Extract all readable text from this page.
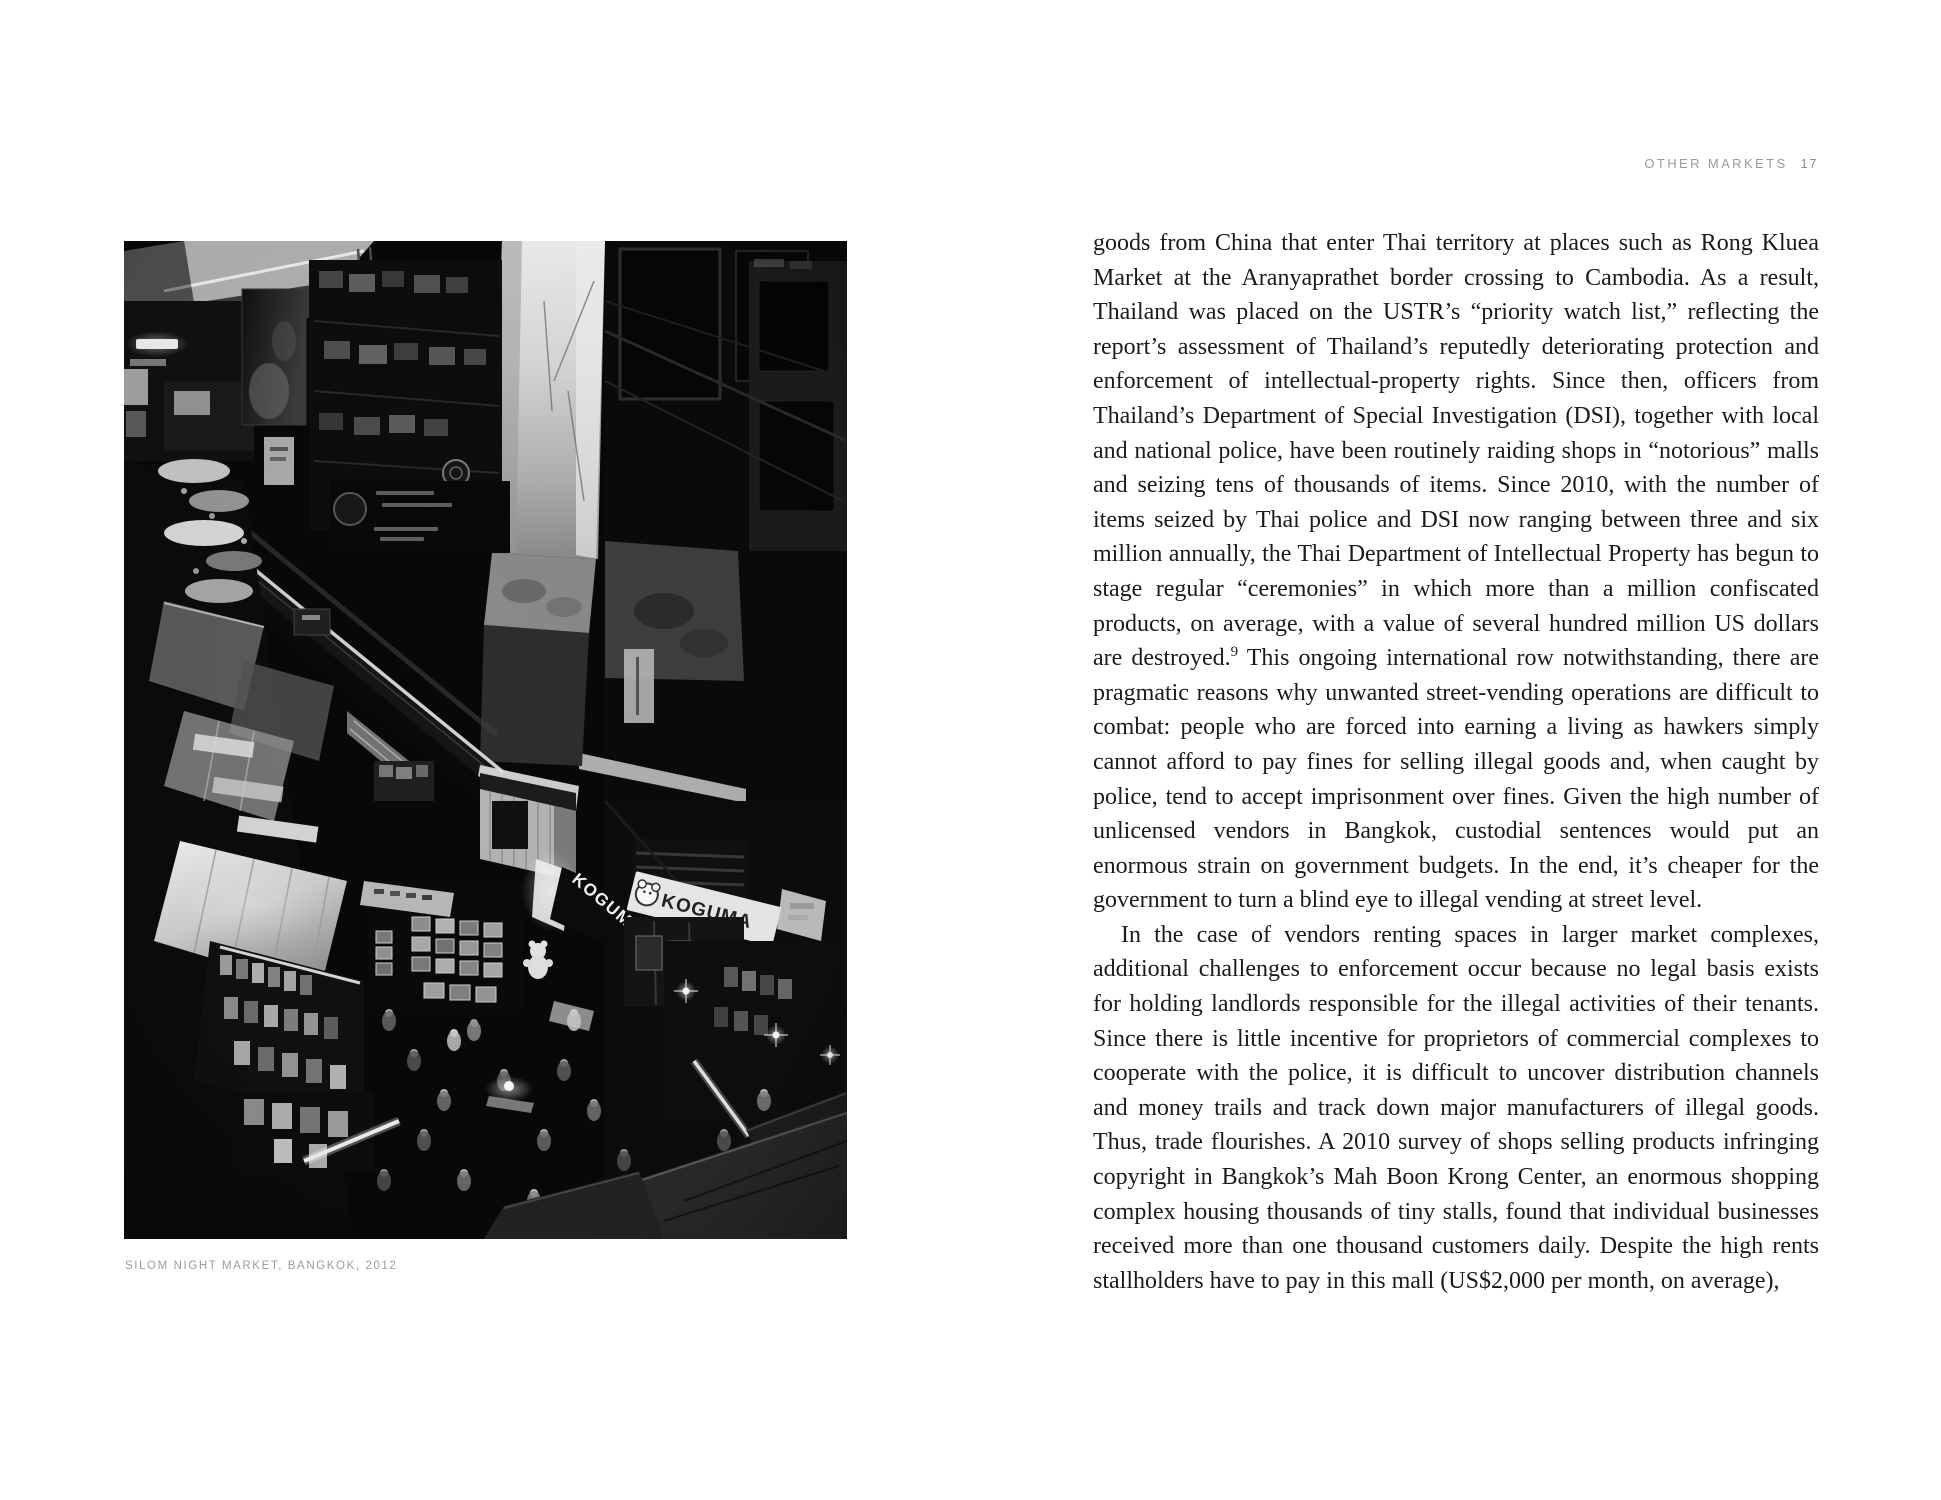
OTHER MARKETS 17
SILOM NIGHT MARKET, BANGKOK, 2012

goods from China that enter Thai territory at places such as Rong Kluea Market at the Aranyaprathet border crossing to Cambodia. As a result, Thailand was placed on the USTR’s “priority watch list,” reflecting the report’s assessment of Thailand’s reputedly deteriorating protection and enforcement of intellectual-property rights. Since then, officers from Thailand’s Department of Special Investigation (DSI), together with local and national police, have been routinely raiding shops in “notorious” malls and seizing tens of thousands of items. Since 2010, with the number of items seized by Thai police and DSI now ranging between three and six million annually, the Thai Department of Intellectual Property has begun to stage regular “ceremonies” in which more than a million confiscated products, on average, with a value of several hundred million US dollars are destroyed.$^9$ This ongoing international row notwithstanding, there are pragmatic reasons why unwanted street-vending operations are difficult to combat: people who are forced into earning a living as hawkers simply cannot afford to pay fines for selling illegal goods and, when caught by police, tend to accept imprisonment over fines. Given the high number of unlicensed vendors in Bangkok, custodial sentences would put an enormous strain on government budgets. In the end, it’s cheaper for the government to turn a blind eye to illegal vending at street level.

In the case of vendors renting spaces in larger market complexes, additional challenges to enforcement occur because no legal basis exists for holding landlords responsible for the illegal activities of their tenants. Since there is little incentive for proprietors of commercial complexes to cooperate with the police, it is difficult to uncover distribution channels and money trails and track down major manufacturers of illegal goods. Thus, trade flourishes. A 2010 survey of shops selling products infringing copyright in Bangkok’s Mah Boon Krong Center, an enormous shopping complex housing thousands of tiny stalls, found that individual businesses received more than one thousand customers daily. Despite the high rents stallholders have to pay in this mall (US$2,000 per month, on average),
